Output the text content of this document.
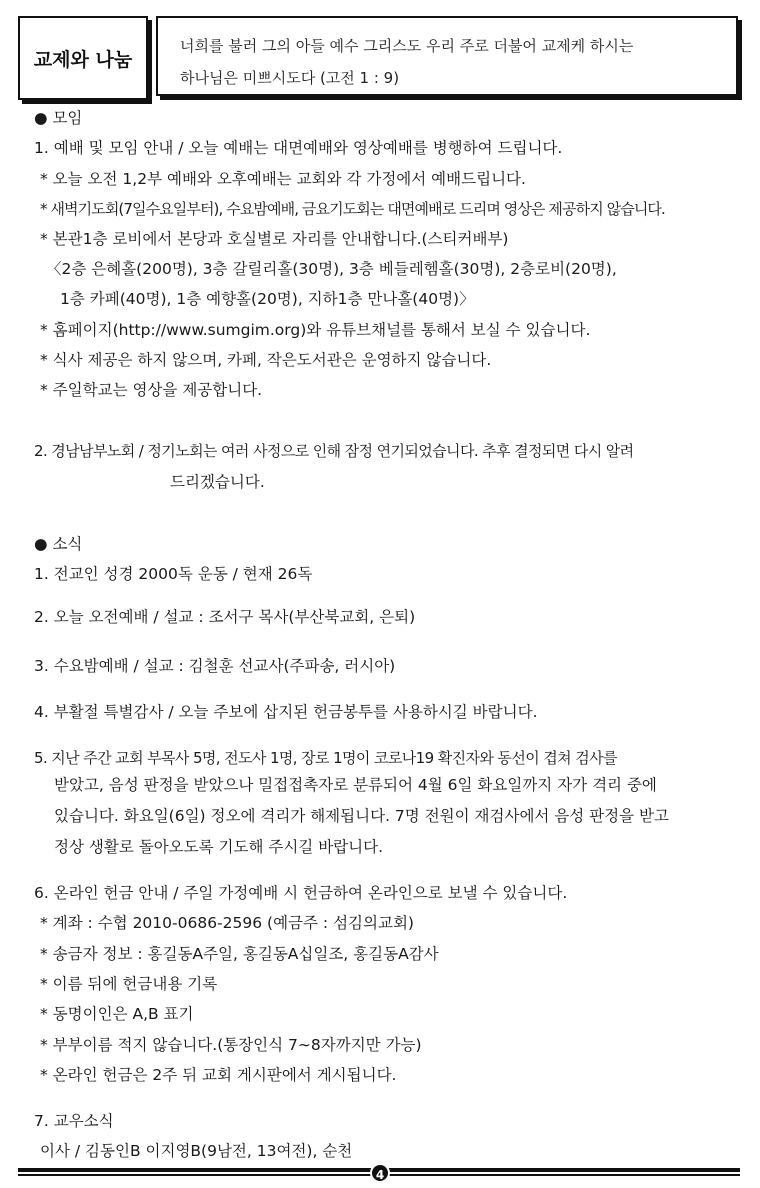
교제와 나눔
너희를 불러 그의 아들 예수 그리스도 우리 주로 더불어 교제케 하시는
하나님은 미쁘시도다 (고전 1 : 9)
● 모임
1. 예배 및 모임 안내 / 오늘 예배는 대면예배와 영상예배를 병행하여 드립니다.
* 오늘 오전 1,2부 예배와 오후예배는 교회와 각 가정에서 예배드립니다.
* 새벽기도회(7일수요일부터), 수요밤예배, 금요기도회는 대면예배로 드리며 영상은 제공하지 않습니다.
* 본관1층 로비에서 본당과 호실별로 자리를 안내합니다.(스티커배부)
〈2층 은혜홀(200명), 3층 갈릴리홀(30명), 3층 베들레헴홀(30명), 2층로비(20명),
1층 카페(40명), 1층 예향홀(20명), 지하1층 만나홀(40명)〉
* 홈페이지(http://www.sumgim.org)와 유튜브채널를 통해서 보실 수 있습니다.
* 식사 제공은 하지 않으며, 카페, 작은도서관은 운영하지 않습니다.
* 주일학교는 영상을 제공합니다.
2. 경남남부노회 / 정기노회는 여러 사정으로 인해 잠정 연기되었습니다. 추후 결정되면 다시 알려
드리겠습니다.
● 소식
1. 전교인 성경 2000독 운동 / 현재 26독
2. 오늘 오전예배 / 설교 : 조서구 목사(부산북교회, 은퇴)
3. 수요밤예배 / 설교 : 김철훈 선교사(주파송, 러시아)
4. 부활절 특별감사 / 오늘 주보에 삽지된 헌금봉투를 사용하시길 바랍니다.
5. 지난 주간 교회 부목사 5명, 전도사 1명, 장로 1명이 코로나19 확진자와 동선이 겹쳐 검사를
받았고, 음성 판정을 받았으나 밀접접촉자로 분류되어 4월 6일 화요일까지 자가 격리 중에
있습니다. 화요일(6일) 정오에 격리가 해제됩니다. 7명 전원이 재검사에서 음성 판정을 받고
정상 생활로 돌아오도록 기도해 주시길 바랍니다.
6. 온라인 헌금 안내 / 주일 가정예배 시 헌금하여 온라인으로 보낼 수 있습니다.
* 계좌 : 수협 2010-0686-2596 (예금주 : 섬김의교회)
* 송금자 정보 : 홍길동A주일, 홍길동A십일조, 홍길동A감사
* 이름 뒤에 헌금내용 기록
* 동명이인은 A,B 표기
* 부부이름 적지 않습니다.(통장인식 7∼8자까지만 가능)
* 온라인 헌금은 2주 뒤 교회 게시판에서 게시됩니다.
7. 교우소식
이사 / 김동인B 이지영B(9남전, 13여전), 순천
4
